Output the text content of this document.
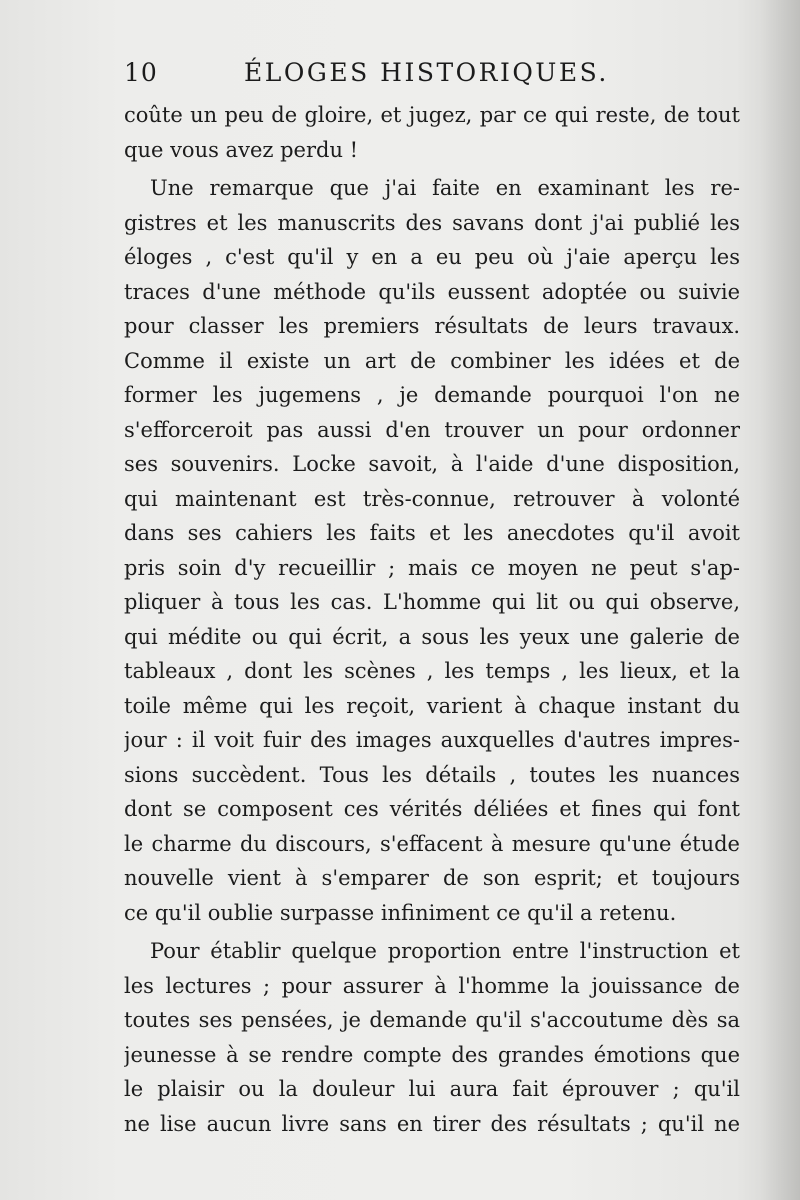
10	ÉLOGES HISTORIQUES.
coûte un peu de gloire, et jugez, par ce qui reste, de tout
que vous avez perdu !
Une remarque que j'ai faite en examinant les re-
gistres et les manuscrits des savans dont j'ai publié les
éloges , c'est qu'il y en a eu peu où j'aie aperçu les
traces d'une méthode qu'ils eussent adoptée ou suivie
pour classer les premiers résultats de leurs travaux.
Comme il existe un art de combiner les idées et de
former les jugemens , je demande pourquoi l'on ne
s'efforceroit pas aussi d'en trouver un pour ordonner
ses souvenirs. Locke savoit, à l'aide d'une disposition,
qui maintenant est très-connue, retrouver à volonté
dans ses cahiers les faits et les anecdotes qu'il avoit
pris soin d'y recueillir ; mais ce moyen ne peut s'ap-
pliquer à tous les cas. L'homme qui lit ou qui observe,
qui médite ou qui écrit, a sous les yeux une galerie de
tableaux , dont les scènes , les temps , les lieux, et la
toile même qui les reçoit, varient à chaque instant du
jour : il voit fuir des images auxquelles d'autres impres-
sions succèdent. Tous les détails , toutes les nuances
dont se composent ces vérités déliées et fines qui font
le charme du discours, s'effacent à mesure qu'une étude
nouvelle vient à s'emparer de son esprit; et toujours
ce qu'il oublie surpasse infiniment ce qu'il a retenu.
Pour établir quelque proportion entre l'instruction et
les lectures ; pour assurer à l'homme la jouissance de
toutes ses pensées, je demande qu'il s'accoutume dès sa
jeunesse à se rendre compte des grandes émotions que
le plaisir ou la douleur lui aura fait éprouver ; qu'il
ne lise aucun livre sans en tirer des résultats ; qu'il ne
